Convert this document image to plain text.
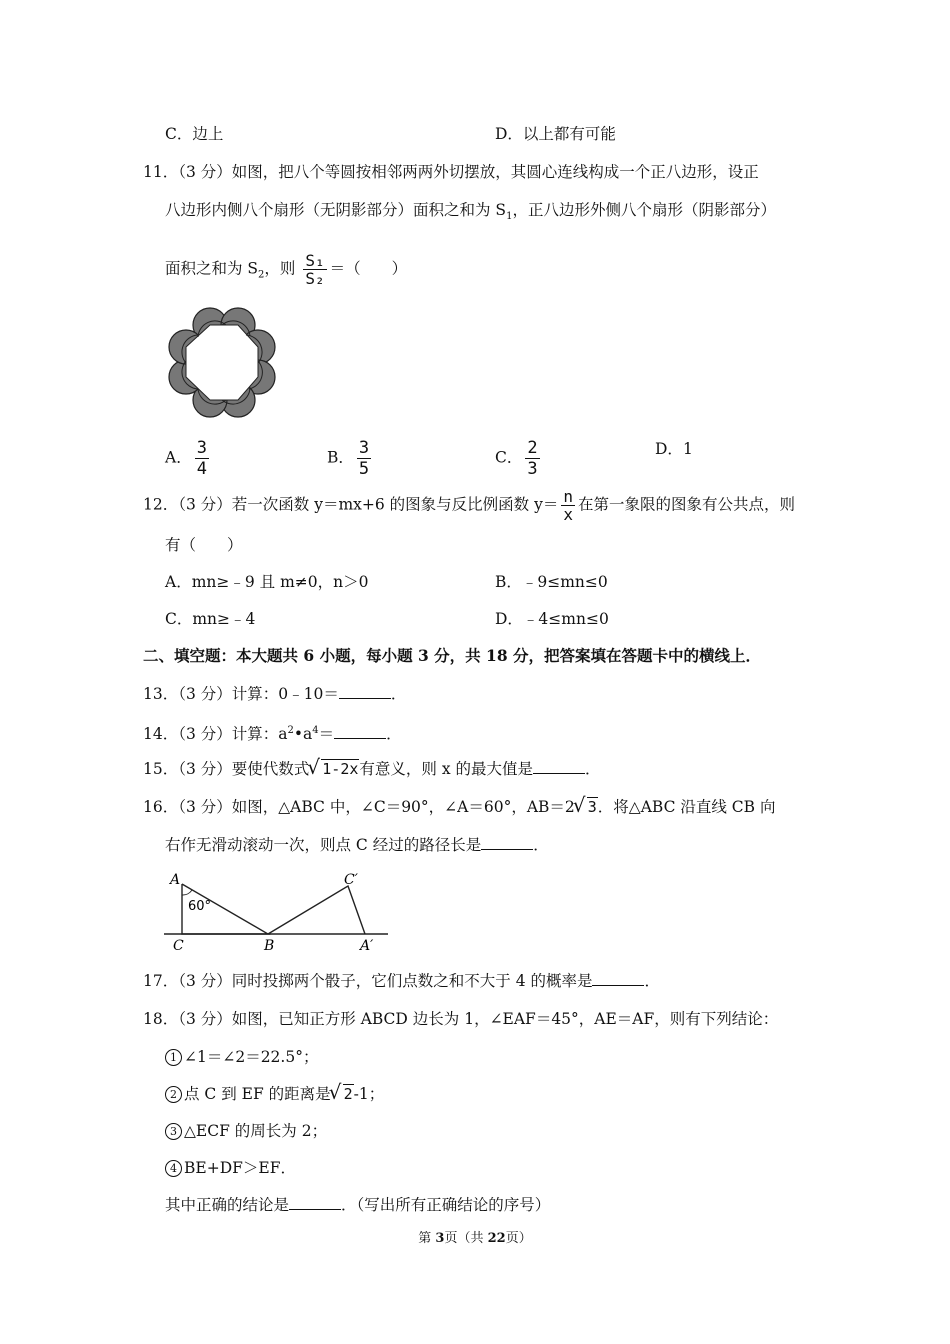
C．边上	D．以上都有可能
11．（3 分）如图，把八个等圆按相邻两两外切摆放，其圆心连线构成一个正八边形，设正
八边形内侧八个扇形（无阴影部分）面积之和为 $S_1$，正八边形外侧八个扇形（阴影部分）
面积之和为 $S_2$，则 $\frac{\text{S₁}}{\text{S₂}}$ ＝（　　）
A． $\frac{3}{4}$	B． $\frac{3}{5}$	C． $\frac{2}{3}$	D．1
12．（3 分）若一次函数 y＝mx+6 的图象与反比例函数 $y= \frac{n}{x}$ 在第一象限的图象有公共点，则
有（　　）
A．mn≥﹣9 且 m≠0，n＞0	B．﹣9≤mn≤0
C．mn≥﹣4	D．﹣4≤mn≤0
二、填空题：本大题共 6 小题，每小题 3 分，共 18 分，把答案填在答题卡中的横线上．
13．（3 分）计算：0﹣10＝	．
14．（3 分）计算：$a^2•a^4=$	．
15．（3 分）要使代数式 √ 1-2x有意义，则 x 的最大值是	．
16．（3 分）如图，△ABC 中，∠C＝90°，∠A＝60°，AB＝2 √ 3．将△ABC 沿直线 CB 向
右作无滑动滚动一次，则点 C 经过的路径长是	．
60°
A
C	B
C′
A′
17．（3 分）同时投掷两个骰子，它们点数之和不大于 4 的概率是	．
18．（3 分）如图，已知正方形 ABCD 边长为 1，∠EAF＝45°，AE＝AF，则有下列结论：
1 ∠1＝∠2＝22.5°；
2 点 C 到 EF 的距离是 √ 2-1；
3 △ECF 的周长为 2；
4 BE+DF＞EF．
其中正确的结论是	．（写出所有正确结论的序号）
第 3页（共 22页）
